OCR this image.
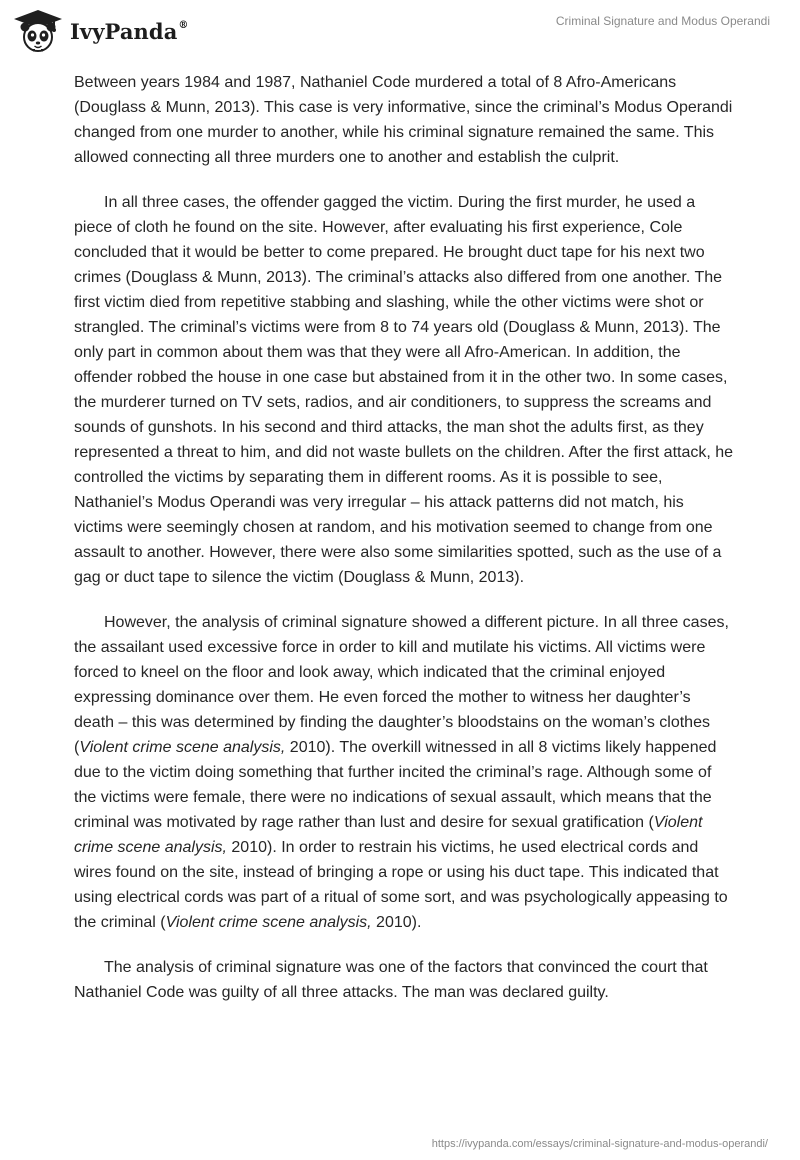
IvyPanda®	Criminal Signature and Modus Operandi

Between years 1984 and 1987, Nathaniel Code murdered a total of 8 Afro-Americans (Douglass & Munn, 2013). This case is very informative, since the criminal’s Modus Operandi changed from one murder to another, while his criminal signature remained the same. This allowed connecting all three murders one to another and establish the culprit.

In all three cases, the offender gagged the victim. During the first murder, he used a piece of cloth he found on the site. However, after evaluating his first experience, Cole concluded that it would be better to come prepared. He brought duct tape for his next two crimes (Douglass & Munn, 2013). The criminal’s attacks also differed from one another. The first victim died from repetitive stabbing and slashing, while the other victims were shot or strangled. The criminal’s victims were from 8 to 74 years old (Douglass & Munn, 2013). The only part in common about them was that they were all Afro-American. In addition, the offender robbed the house in one case but abstained from it in the other two. In some cases, the murderer turned on TV sets, radios, and air conditioners, to suppress the screams and sounds of gunshots. In his second and third attacks, the man shot the adults first, as they represented a threat to him, and did not waste bullets on the children. After the first attack, he controlled the victims by separating them in different rooms. As it is possible to see, Nathaniel’s Modus Operandi was very irregular – his attack patterns did not match, his victims were seemingly chosen at random, and his motivation seemed to change from one assault to another. However, there were also some similarities spotted, such as the use of a gag or duct tape to silence the victim (Douglass & Munn, 2013).

However, the analysis of criminal signature showed a different picture. In all three cases, the assailant used excessive force in order to kill and mutilate his victims. All victims were forced to kneel on the floor and look away, which indicated that the criminal enjoyed expressing dominance over them. He even forced the mother to witness her daughter’s death – this was determined by finding the daughter’s bloodstains on the woman’s clothes (Violent crime scene analysis, 2010). The overkill witnessed in all 8 victims likely happened due to the victim doing something that further incited the criminal’s rage. Although some of the victims were female, there were no indications of sexual assault, which means that the criminal was motivated by rage rather than lust and desire for sexual gratification (Violent crime scene analysis, 2010). In order to restrain his victims, he used electrical cords and wires found on the site, instead of bringing a rope or using his duct tape. This indicated that using electrical cords was part of a ritual of some sort, and was psychologically appeasing to the criminal (Violent crime scene analysis, 2010).

The analysis of criminal signature was one of the factors that convinced the court that Nathaniel Code was guilty of all three attacks. The man was declared guilty.

https://ivypanda.com/essays/criminal-signature-and-modus-operandi/
